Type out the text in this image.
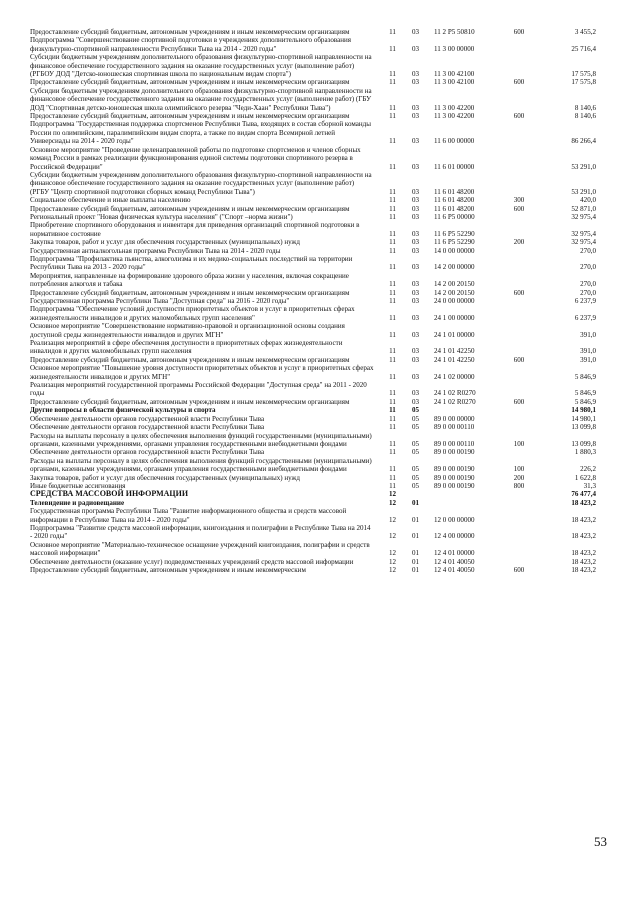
Предоставление субсидий бюджетным, автономным учреждениям и иным некоммерческим организациям	11	03	11 2 P5 50810	600	3 455,2
Подпрограмма "Совершенствование спортивной подготовки в учреждениях дополнительного образования физкультурно-спортивной направленности Республики Тыва на 2014 - 2020 годы"	11	03	11 3 00 00000		25 716,4
Субсидии бюджетным учреждениям дополнительного образования физкультурно-спортивной направленности на финансовое обеспечение государственного задания на оказание государственных услуг (выполнение работ) (РГБОУ ДОД "Детско-юношеская спортивная школа по национальным видам спорта")	11	03	11 3 00 42100		17 575,8
Предоставление субсидий бюджетным, автономным учреждениям и иным некоммерческим организациям	11	03	11 3 00 42100	600	17 575,8
Субсидии бюджетным учреждениям дополнительного образования физкультурно-спортивной направленности на финансовое обеспечение государственного задания на оказание государственных услуг (выполнение работ) (ГБУ ДОД "Спортивная детско-юношеская школа олимпийского резерва "Чеди-Хаан" Республики Тыва")	11	03	11 3 00 42200		8 140,6
Предоставление субсидий бюджетным, автономным учреждениям и иным некоммерческим организациям	11	03	11 3 00 42200	600	8 140,6
Подпрограмма "Государственная поддержка спортсменов Республики Тыва, входящих в состав сборной команды России по олимпийским, паралимпийским видам спорта, а также по видам спорта Всемирной летней Универсиады на 2014 - 2020 годы"	11	03	11 6 00 00000		86 266,4
Основное мероприятие "Проведение целенаправленной работы по подготовке спортсменов и членов сборных команд России в рамках реализации функционирования единой системы подготовки спортивного резерва в Российской Федерации"	11	03	11 6 01 00000		53 291,0
Субсидии бюджетным учреждениям дополнительного образования физкультурно-спортивной направленности на финансовое обеспечение государственного задания на оказание государственных услуг (выполнение работ) (РГБУ "Центр спортивной подготовки сборных команд Республики Тыва")	11	03	11 6 01 48200		53 291,0
Социальное обеспечение и иные выплаты населению	11	03	11 6 01 48200	300	420,0
Предоставление субсидий бюджетным, автономным учреждениям и иным некоммерческим организациям	11	03	11 6 01 48200	600	52 871,0
Региональный проект "Новая физическая культура населения" ("Спорт –норма жизни")	11	03	11 6 P5 00000		32 975,4
Приобретение спортивного оборудования и инвентаря для приведения организаций спортивной подготовки в нормативное состояние	11	03	11 6 P5 52290		32 975,4
Закупка товаров, работ и услуг для обеспечения государственных (муниципальных) нужд	11	03	11 6 P5 52290	200	32 975,4
Государственная антиалкогольная программа Республики Тыва на 2014 - 2020 годы	11	03	14 0 00 00000		270,0
Подпрограмма "Профилактика пьянства, алкоголизма и их медико-социальных последствий на территории Республики Тыва на 2013 - 2020 годы"	11	03	14 2 00 00000		270,0
Мероприятия, направленные на формирование здорового образа жизни у населения, включая сокращение потребления алкоголя и табака	11	03	14 2 00 20150		270,0
Предоставление субсидий бюджетным, автономным учреждениям и иным некоммерческим организациям	11	03	14 2 00 20150	600	270,0
Государственная программа Республики Тыва "Доступная среда" на 2016 - 2020 годы"	11	03	24 0 00 00000		6 237,9
Подпрограмма "Обеспечение условий доступности приоритетных объектов и услуг в приоритетных сферах жизнедеятельности инвалидов и других маломобильных групп населения"	11	03	24 1 00 00000		6 237,9
Основное мероприятие "Совершенствование нормативно-правовой и организационной основы создания доступной среды жизнедеятельности инвалидов и других МГН"	11	03	24 1 01 00000		391,0
Реализация мероприятий в сфере обеспечения доступности в приоритетных сферах жизнедеятельности инвалидов и других маломобильных групп населения	11	03	24 1 01 42250		391,0
Предоставление субсидий бюджетным, автономным учреждениям и иным некоммерческим организациям	11	03	24 1 01 42250	600	391,0
Основное мероприятие "Повышение уровня доступности приоритетных объектов и услуг в приоритетных сферах жизнедеятельности инвалидов и других МГН"	11	03	24 1 02 00000		5 846,9
Реализация мероприятий государственной программы Российской Федерации "Доступная среда" на 2011 - 2020 годы	11	03	24 1 02 R0270		5 846,9
Предоставление субсидий бюджетным, автономным учреждениям и иным некоммерческим организациям	11	03	24 1 02 R0270	600	5 846,9
Другие вопросы в области физической культуры и спорта	11	05			14 980,1
Обеспечение деятельности органов государственной власти Республики Тыва	11	05	89 0 00 00000		14 980,1
Обеспечение деятельности органов государственной власти Республики Тыва	11	05	89 0 00 00110		13 099,8
Расходы на выплаты персоналу в целях обеспечения выполнения функций государственными (муниципальными) органами, казенными учреждениями, органами управления государственными внебюджетными фондами	11	05	89 0 00 00110	100	13 099,8
Обеспечение деятельности органов государственной власти Республики Тыва	11	05	89 0 00 00190		1 880,3
Расходы на выплаты персоналу в целях обеспечения выполнения функций государственными (муниципальными) органами, казенными учреждениями, органами управления государственными внебюджетными фондами	11	05	89 0 00 00190	100	226,2
Закупка товаров, работ и услуг для обеспечения государственных (муниципальных) нужд	11	05	89 0 00 00190	200	1 622,8
Иные бюджетные ассигнования	11	05	89 0 00 00190	800	31,3
СРЕДСТВА МАССОВОЙ ИНФОРМАЦИИ	12				76 477,4
Телевидение и радиовещание	12	01			18 423,2
Государственная программа Республики Тыва "Развитие информационного общества и средств массовой информации в Республике Тыва на 2014 - 2020 годы"	12	01	12 0 00 00000		18 423,2
Подпрограмма "Развитие средств массовой информации, книгоиздания и полиграфии в Республике Тыва на 2014 - 2020 годы"	12	01	12 4 00 00000		18 423,2
Основное мероприятие "Материально-техническое оснащение учреждений книгоиздания, полиграфии и средств массовой информации"	12	01	12 4 01 00000		18 423,2
Обеспечение деятельности (оказание услуг) подведомственных учреждений средств массовой информации	12	01	12 4 01 40050		18 423,2
Предоставление субсидий бюджетным, автономным учреждениям и иным некоммерческим	12	01	12 4 01 40050	600	18 423,2
53
